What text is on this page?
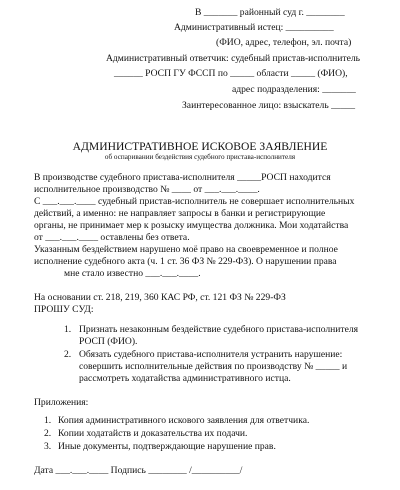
В _______ районный суд г. ________
Административный истец: __________
(ФИО, адрес, телефон, эл. почта)
Административный ответчик: судебный пристав-исполнитель
______ РОСП ГУ ФССП по _____ области _____ (ФИО),
адрес подразделения: _______
Заинтересованное лицо: взыскатель _____
АДМИНИСТРАТИВНОЕ ИСКОВОЕ ЗАЯВЛЕНИЕ
об оспаривании бездействия судебного пристава-исполнителя
В производстве судебного пристава-исполнителя _____РОСП находится
исполнительное производство № ____ от ___.___.____.
С ___.___.____ судебный пристав-исполнитель не совершает исполнительных
действий, а именно: не направляет запросы в банки и регистрирующие
органы, не принимает мер к розыску имущества должника. Мои ходатайства
от ___.___.____ оставлены без ответа.
Указанным бездействием нарушено моё право на своевременное и полное
исполнение судебного акта (ч. 1 ст. 36 ФЗ № 229-ФЗ). О нарушении права
мне стало известно ___.___.____.
На основании ст. 218, 219, 360 КАС РФ, ст. 121 ФЗ № 229-ФЗ
ПРОШУ СУД:
1. Признать незаконным бездействие судебного пристава-исполнителя
РОСП (ФИО).
2. Обязать судебного пристава-исполнителя устранить нарушение:
совершить исполнительные действия по производству № _____ и
рассмотреть ходатайства административного истца.
Приложения:
1. Копия административного искового заявления для ответчика.
2. Копии ходатайств и доказательства их подачи.
3. Иные документы, подтверждающие нарушение прав.
Дата ___.___.____ Подпись ________ /__________/
